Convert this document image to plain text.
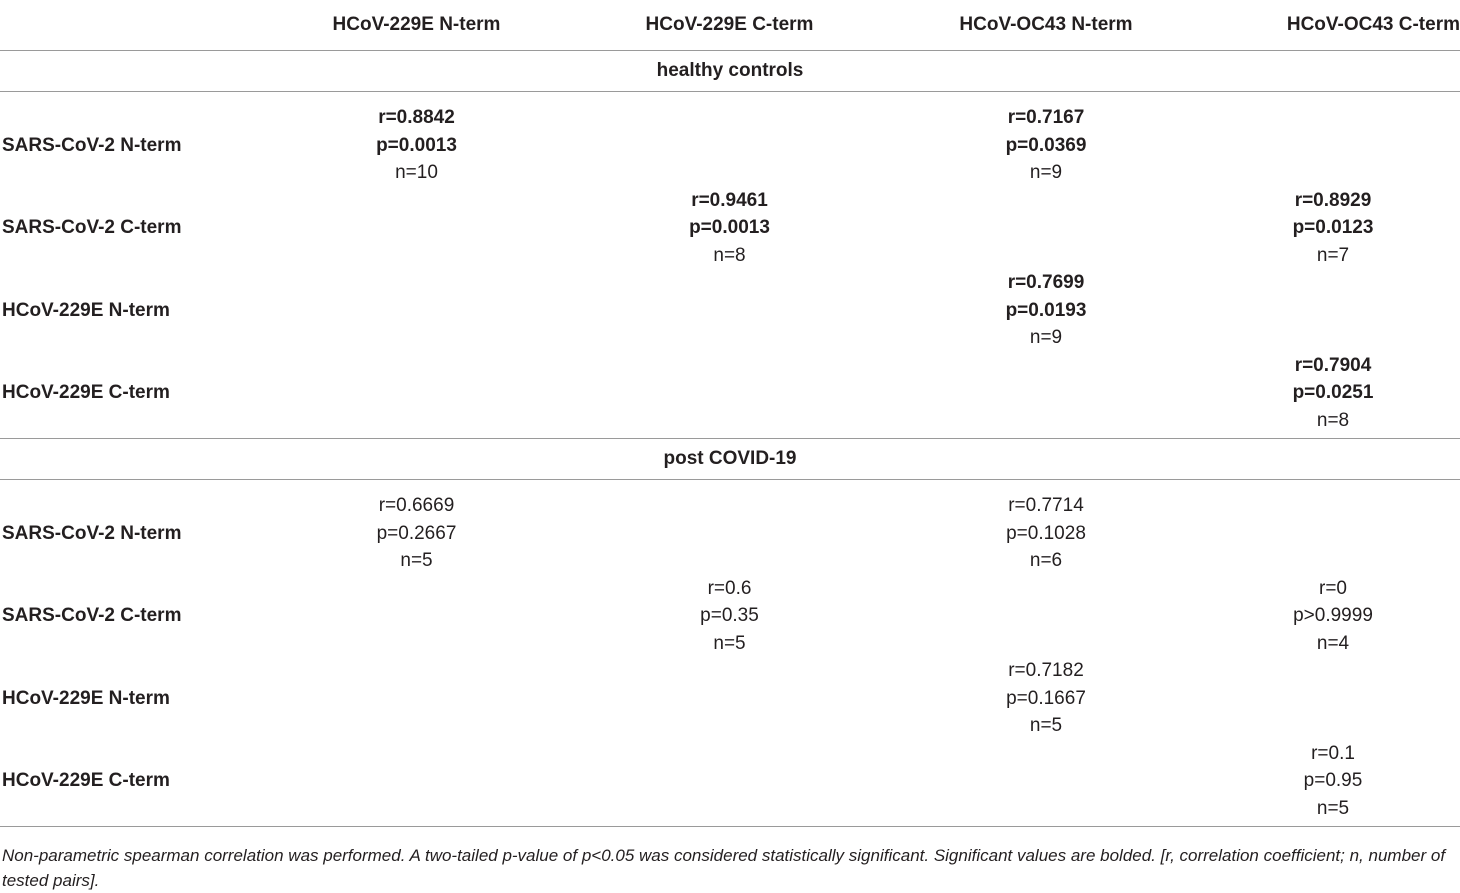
	HCoV-229E N-term	HCoV-229E C-term	HCoV-OC43 N-term	HCoV-OC43 C-term
healthy controls				
SARS-CoV-2 N-term	r=0.8842
p=0.0013
n=10		r=0.7167
p=0.0369
n=9	

SARS-CoV-2 C-term		r=0.9461
p=0.0013
n=8		r=0.8929
p=0.0123
n=7

HCoV-229E N-term			r=0.7699
p=0.0193
n=9	

HCoV-229E C-term				r=0.7904
p=0.0251
n=8

post COVID-19				
SARS-CoV-2 N-term	r=0.6669
p=0.2667
n=5		r=0.7714
p=0.1028
n=6	

SARS-CoV-2 C-term		r=0.6
p=0.35
n=5		r=0
p>0.9999
n=4

HCoV-229E N-term			r=0.7182
p=0.1667
n=5	

HCoV-229E C-term				r=0.1
p=0.95
n=5
Non-parametric spearman correlation was performed. A two-tailed p-value of p<0.05 was considered statistically significant. Significant values are bolded. [r, correlation coefficient; n, number of tested pairs].
